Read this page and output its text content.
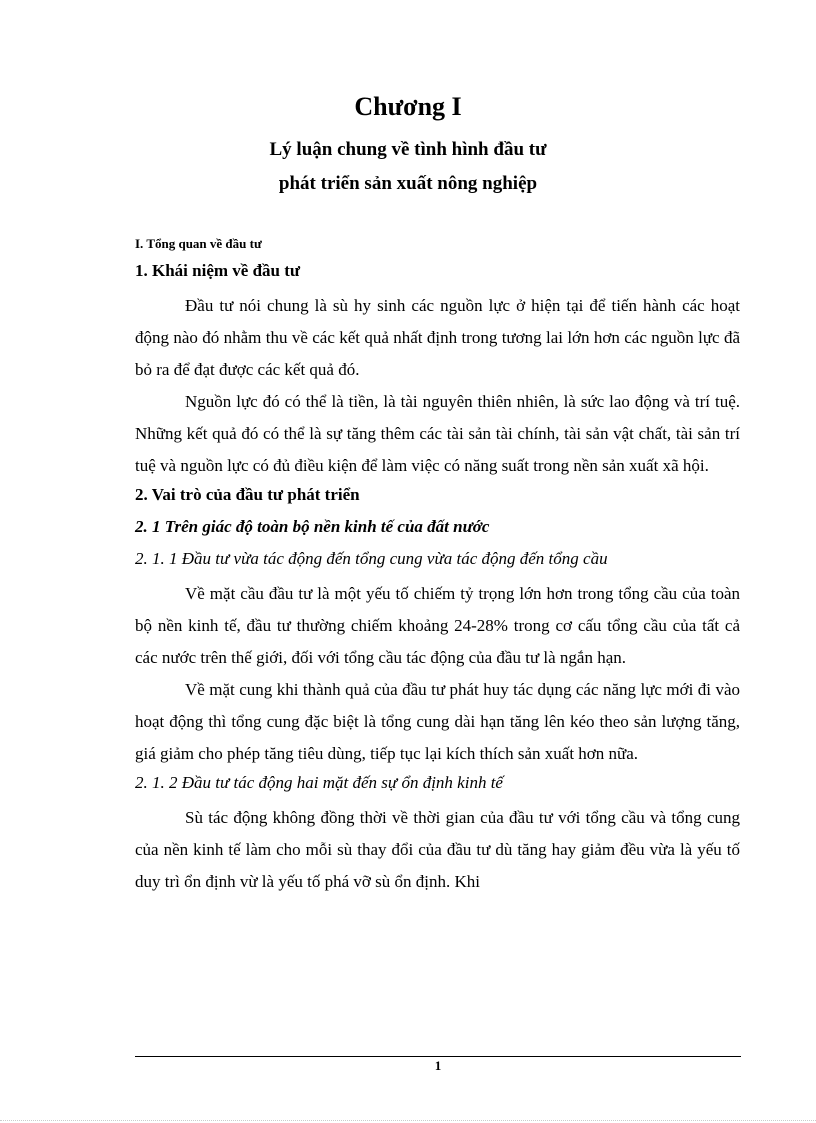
Chương I
Lý luận chung về tình hình đầu tư
phát triển sản xuất nông nghiệp

I. Tổng quan về đầu tư

1. Khái niệm về đầu tư

Đầu tư nói chung là sù hy sinh các nguồn lực ở hiện tại để tiến hành các hoạt động nào đó nhằm thu về các kết quả nhất định trong tương lai lớn hơn các nguồn lực đã bỏ ra để đạt được các kết quả đó.

Nguồn lực đó có thể là tiền, là tài nguyên thiên nhiên, là sức lao động và trí tuệ. Những kết quả đó có thể là sự tăng thêm các tài sản tài chính, tài sản vật chất, tài sản trí tuệ và nguồn lực có đủ điều kiện để làm việc có năng suất trong nền sản xuất xã hội.

2. Vai trò của đầu tư phát triển

2. 1 Trên giác độ toàn bộ nền kinh tế của đất nước

2. 1. 1 Đầu tư vừa tác động đến tổng cung vừa tác động đến tổng cầu

Về mặt cầu đầu tư là một yếu tố chiếm tỷ trọng lớn hơn trong tổng cầu của toàn bộ nền kinh tế, đầu tư thường chiếm khoảng 24-28% trong cơ cấu tổng cầu của tất cả các nước trên thế giới, đối với tổng cầu tác động của đầu tư là ngắn hạn.

Về mặt cung khi thành quả của đầu tư phát huy tác dụng các năng lực mới đi vào hoạt động thì tổng cung đặc biệt là tổng cung dài hạn tăng lên kéo theo sản lượng tăng, giá giảm cho phép tăng tiêu dùng, tiếp tục lại kích thích sản xuất hơn nữa.

2. 1. 2 Đầu tư tác động hai mặt đến sự ổn định kinh tế

Sù tác động không đồng thời về thời gian của đầu tư với tổng cầu và tổng cung của nền kinh tế làm cho mỗi sù thay đổi của đầu tư dù tăng hay giảm đều vừa là yếu tố duy trì ổn định vừ là yếu tố phá vỡ sù ổn định. Khi

1
